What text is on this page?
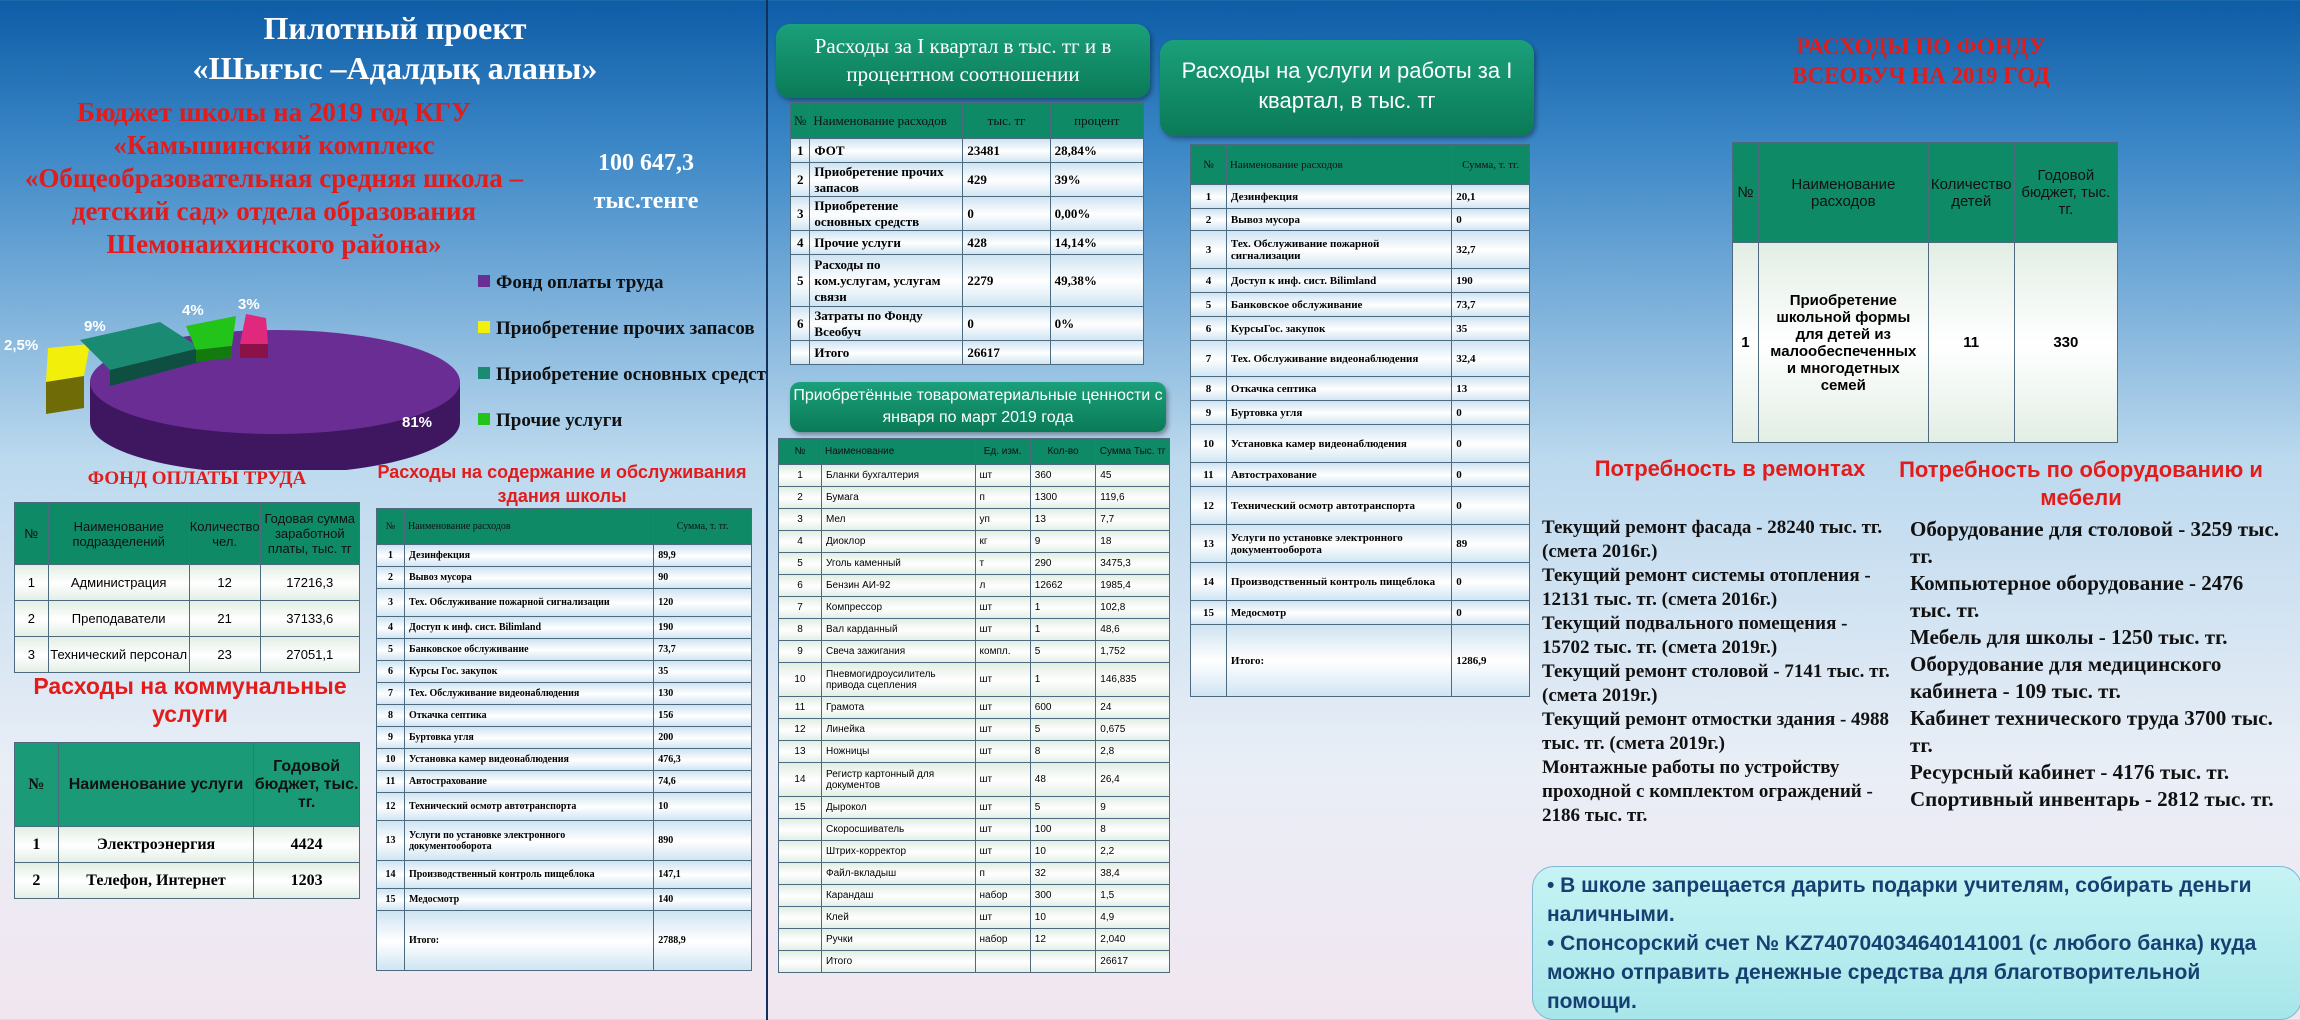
Пилотный проект
«Шығыс –Адалдық аланы»
Бюджет школы на 2019 год КГУ «Камышинский комплекс «Общеобразовательная средняя школа – детский сад» отдела образования Шемонаихинского района»
100 647,3
тыс.тенге
2,5%
9%
4% 3%
81%
Фонд оплаты труда
Приобретение прочих запасов
Приобретение основных средст
Прочие услуги
ФОНД ОПЛАТЫ ТРУДА
№	Наименование подразделений	Количество чел.	Годовая сумма заработной платы, тыс. тг
1	Администрация	12	17216,3
2	Преподаватели	21	37133,6
3	Технический персонал	23	27051,1
Расходы на коммунальные услуги
№	Наименование услуги	Годовой бюджет, тыс. тг.
1	Электроэнергия	4424
2	Телефон, Интернет	1203
Расходы на содержание и обслуживания здания школы
№	Наименование расходов	Сумма, т. тг.
1	Дезинфекция	89,9
2	Вывоз мусора	90
3	Тех. Обслуживание пожарной сигнализации	120
4	Доступ к инф. сист. Bilimland	190
5	Банковское обслуживание	73,7
6	Курсы Гос. закупок	35
7	Тех. Обслуживание видеонаблюдения	130
8	Откачка септика	156
9	Буртовка угля	200
10	Установка камер видеонаблюдения	476,3
11	Автострахование	74,6
12	Технический осмотр автотранспорта	10
13	Услуги по установке электронного документооборота	890
14	Производственный контроль пищеблока	147,1
15	Медосмотр	140
	Итого:	2788,9
Расходы за I квартал в тыс. тг и в процентном соотношении
№	Наименование расходов	тыс. тг	процент
1	ФОТ	23481	28,84%
2	Приобретение прочих запасов	429	39%
3	Приобретение основных средств	0	0,00%
4	Прочие услуги	428	14,14%
5	Расходы по ком.услугам, услугам связи	2279	49,38%
6	Затраты по Фонду Всеобуч	0	0%
	Итого	26617	
Приобретённые товароматериальные ценности с января по март 2019 года
№	Наименование	Ед. изм.	Кол-во	Сумма Тыс. тг
1	Бланки бухгалтерия	шт	360	45
2	Бумага	п	1300	119,6
3	Мел	уп	13	7,7
4	Диоклор	кг	9	18
5	Уголь каменный	т	290	3475,3
6	Бензин АИ-92	л	12662	1985,4
7	Компрессор	шт	1	102,8
8	Вал карданный	шт	1	48,6
9	Свеча зажигания	компл.	5	1,752
10	Пневмогидроусилитель привода сцепления	шт	1	146,835
11	Грамота	шт	600	24
12	Линейка	шт	5	0,675
13	Ножницы	шт	8	2,8
14	Регистр картонный для документов	шт	48	26,4
15	Дырокол	шт	5	9
	Скоросшиватель	шт	100	8
	Штрих-корректор	шт	10	2,2
	Файл-вкладыш	п	32	38,4
	Карандаш	набор	300	1,5
	Клей	шт	10	4,9
	Ручки	набор	12	2,040
	Итого			26617
Расходы на услуги и работы за I квартал, в тыс. тг
№	Наименование расходов	Сумма, т. тг.
1	Дезинфекция	20,1
2	Вывоз мусора	0
3	Тех. Обслуживание пожарной сигнализации	32,7
4	Доступ к инф. сист. Bilimland	190
5	Банковское обслуживание	73,7
6	КурсыГос. закупок	35
7	Тех. Обслуживание видеонаблюдения	32,4
8	Откачка септика	13
9	Буртовка угля	0
10	Установка камер видеонаблюдения	0
11	Автострахование	0
12	Технический осмотр автотранспорта	0
13	Услуги по установке электронного документооборота	89
14	Производственный контроль пищеблока	0
15	Медосмотр	0
	Итого:	1286,9
РАСХОДЫ ПО ФОНДУ ВСЕОБУЧ НА 2019 ГОД
№	Наименование расходов	Количество детей	Годовой бюджет, тыс. тг.
1	Приобретение школьной формы для детей из малообеспеченных и многодетных семей	11	330
Потребность в ремонтах
Текущий ремонт фасада - 28240 тыс. тг. (смета 2016г.)
Текущий ремонт системы отопления - 12131 тыс. тг. (смета 2016г.)
Текущий подвального помещения - 15702 тыс. тг. (смета 2019г.)
Текущий ремонт столовой - 7141 тыс. тг. (смета 2019г.)
Текущий ремонт отмостки здания - 4988 тыс. тг. (смета 2019г.)
Монтажные работы по устройству проходной с комплектом ограждений - 2186 тыс. тг.
Потребность по оборудованию и мебели
Оборудование для столовой - 3259 тыс. тг.
Компьютерное оборудование - 2476 тыс. тг.
Мебель для школы - 1250 тыс. тг.
Оборудование для медицинского кабинета - 109 тыс. тг.
Кабинет технического труда 3700 тыс. тг.
Ресурсный кабинет - 4176 тыс. тг.
Спортивный инвентарь - 2812 тыс. тг.
• В школе запрещается дарить подарки учителям, собирать деньги наличными.
• Спонсорский счет № KZ740704034640141001 (с любого банка) куда можно отправить денежные средства для благотворительной помощи.
